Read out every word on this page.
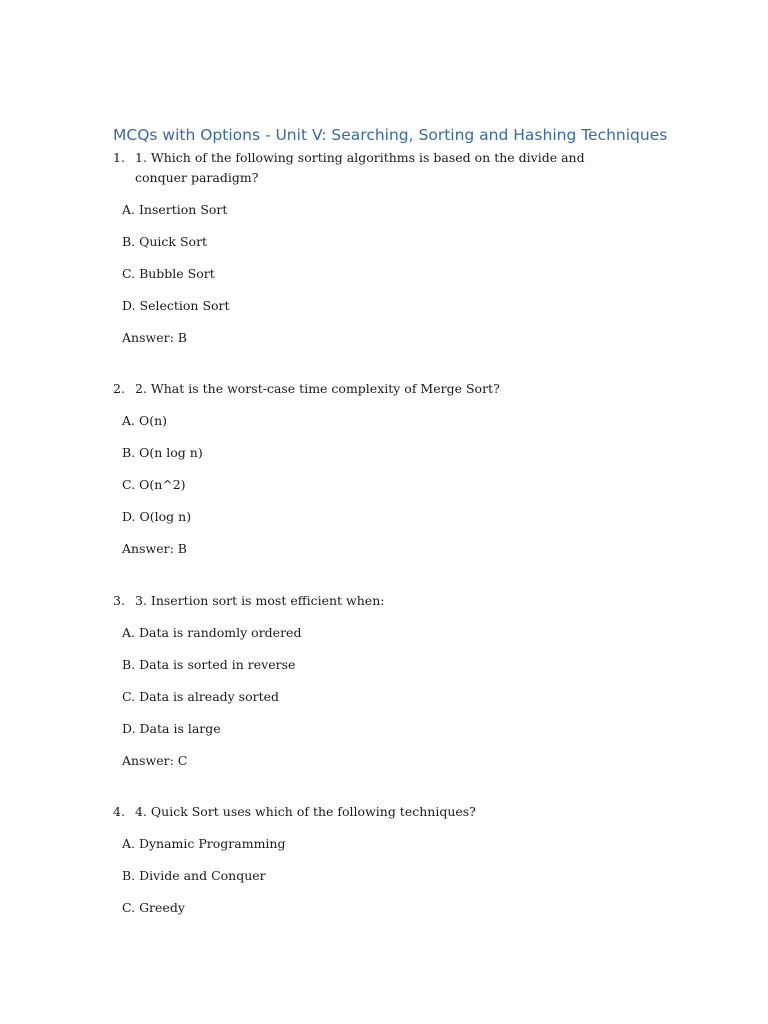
MCQs with Options - Unit V: Searching, Sorting and Hashing Techniques
1. 1. Which of the following sorting algorithms is based on the divide and conquer paradigm?
A. Insertion Sort
B. Quick Sort
C. Bubble Sort
D. Selection Sort
Answer: B
2. 2. What is the worst-case time complexity of Merge Sort?
A. O(n)
B. O(n log n)
C. O(n^2)
D. O(log n)
Answer: B
3. 3. Insertion sort is most efficient when:
A. Data is randomly ordered
B. Data is sorted in reverse
C. Data is already sorted
D. Data is large
Answer: C
4. 4. Quick Sort uses which of the following techniques?
A. Dynamic Programming
B. Divide and Conquer
C. Greedy
